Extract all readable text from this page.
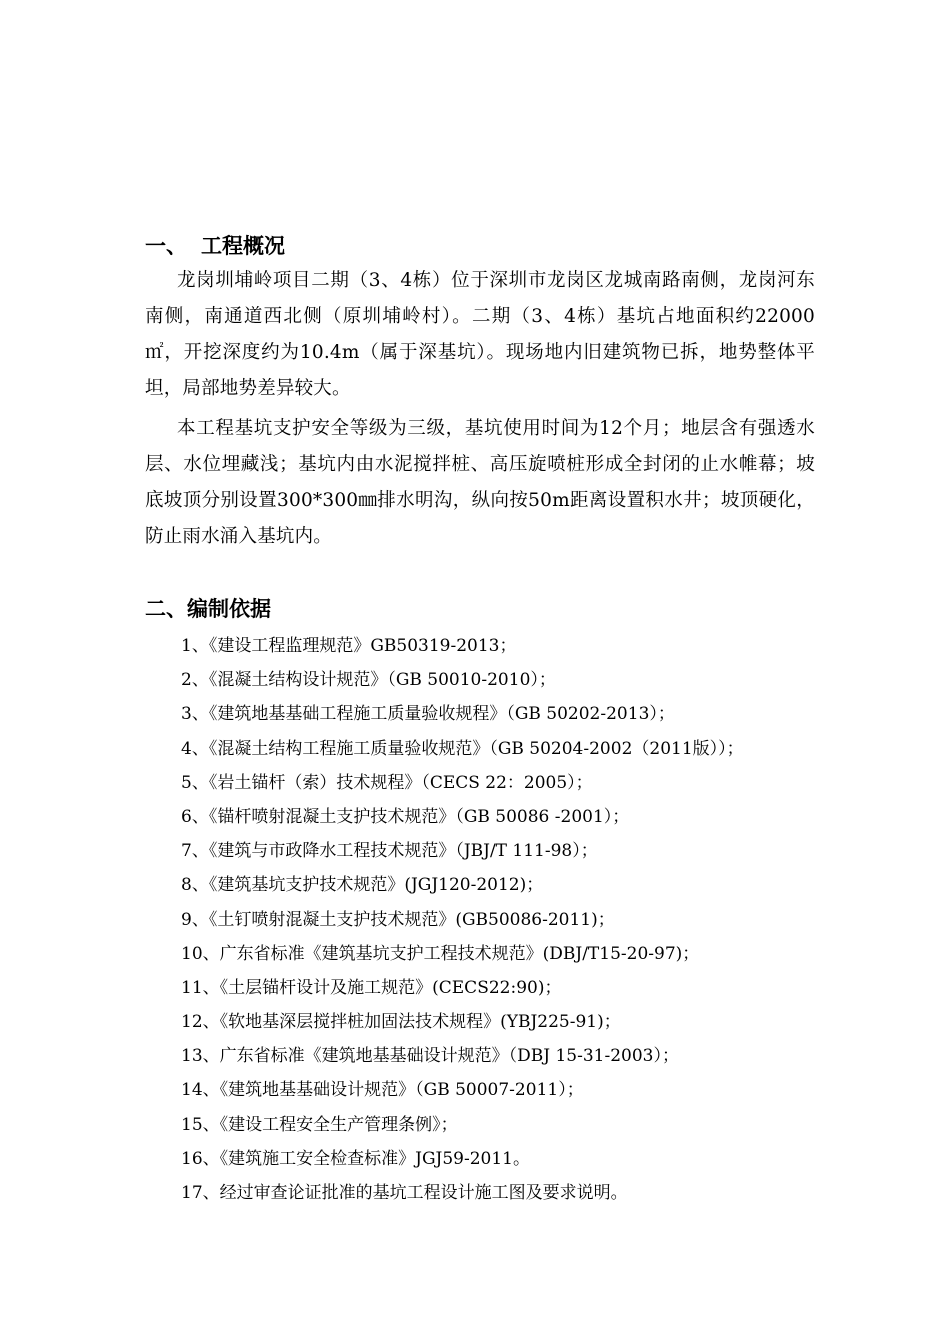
一、 工程概况

龙岗圳埔岭项目二期（3、4栋）位于深圳市龙岗区龙城南路南侧，龙岗河东南侧，南通道西北侧（原圳埔岭村）。二期（3、4栋）基坑占地面积约22000㎡，开挖深度约为10.4m（属于深基坑）。现场地内旧建筑物已拆，地势整体平坦，局部地势差异较大。

本工程基坑支护安全等级为三级，基坑使用时间为12个月；地层含有强透水层、水位埋藏浅；基坑内由水泥搅拌桩、高压旋喷桩形成全封闭的止水帷幕；坡底坡顶分别设置300*300㎜排水明沟，纵向按50m距离设置积水井；坡顶硬化，防止雨水涌入基坑内。

二、编制依据
1、《建设工程监理规范》GB50319-2013；
2、《混凝土结构设计规范》（GB 50010-2010）；
3、《建筑地基基础工程施工质量验收规程》（GB 50202-2013）；
4、《混凝土结构工程施工质量验收规范》（GB 50204-2002（2011版））；
5、《岩土锚杆（索）技术规程》（CECS 22：2005）；
6、《锚杆喷射混凝土支护技术规范》（GB 50086 -2001）；
7、《建筑与市政降水工程技术规范》（JBJ/T 111-98）；
8、《建筑基坑支护技术规范》(JGJ120-2012)；
9、《土钉喷射混凝土支护技术规范》(GB50086-2011)；
10、广东省标准《建筑基坑支护工程技术规范》(DBJ/T15-20-97)；
11、《土层锚杆设计及施工规范》(CECS22:90)；
12、《软地基深层搅拌桩加固法技术规程》(YBJ225-91)；
13、广东省标准《建筑地基基础设计规范》（DBJ 15-31-2003）；
14、《建筑地基基础设计规范》（GB 50007-2011）；
15、《建设工程安全生产管理条例》；
16、《建筑施工安全检查标准》JGJ59-2011。
17、经过审查论证批准的基坑工程设计施工图及要求说明。
